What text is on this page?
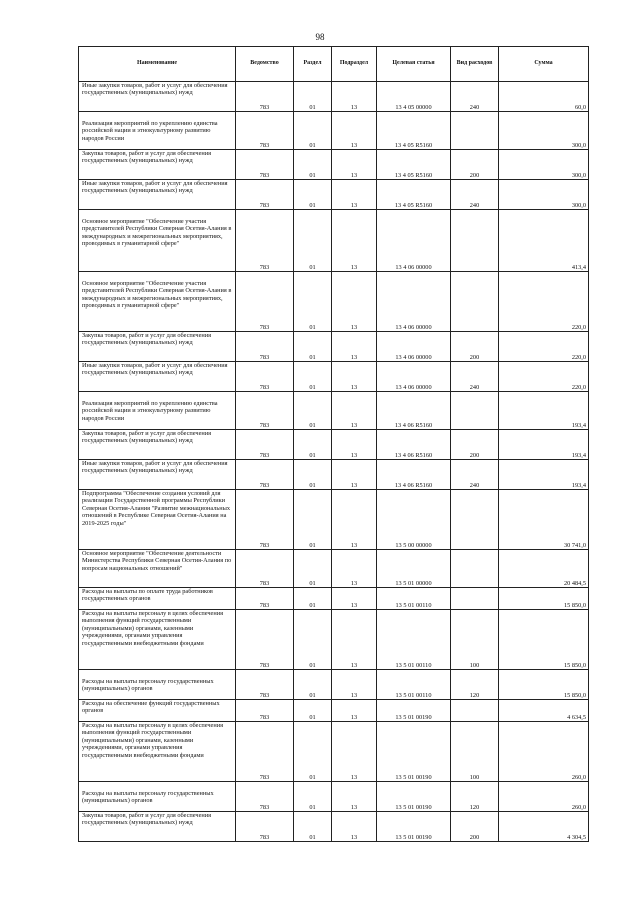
98
Наименование	Ведомство	Раздел	Подраздел	Целевая статья	Вид расходов	Сумма
Иные закупки товаров, работ и услуг для обеспечения государственных (муниципальных) нужд	783	01	13	13 4 05 00000	240	60,0
Реализация мероприятий по укреплению единства российской нации и этнокультурному развитию народов России	783	01	13	13 4 05 R5160		300,0
Закупка товаров, работ и услуг для обеспечения государственных (муниципальных) нужд	783	01	13	13 4 05 R5160	200	300,0
Иные закупки товаров, работ и услуг для обеспечения государственных (муниципальных) нужд	783	01	13	13 4 05 R5160	240	300,0
Основное мероприятие "Обеспечение участия представителей Республики Северная Осетия-Алания в международных и межрегиональных мероприятиях, проводимых в гуманитарной сфере"	783	01	13	13 4 06 00000		413,4
Основное мероприятие "Обеспечение участия представителей Республики Северная Осетия-Алания в международных и межрегиональных мероприятиях, проводимых в гуманитарной сфере"	783	01	13	13 4 06 00000		220,0
Закупка товаров, работ и услуг для обеспечения государственных (муниципальных) нужд	783	01	13	13 4 06 00000	200	220,0
Иные закупки товаров, работ и услуг для обеспечения государственных (муниципальных) нужд	783	01	13	13 4 06 00000	240	220,0
Реализация мероприятий по укреплению единства российской нации и этнокультурному развитию народов России	783	01	13	13 4 06 R5160		193,4
Закупка товаров, работ и услуг для обеспечения государственных (муниципальных) нужд	783	01	13	13 4 06 R5160	200	193,4
Иные закупки товаров, работ и услуг для обеспечения государственных (муниципальных) нужд	783	01	13	13 4 06 R5160	240	193,4
Подпрограмма "Обеспечение создания условий для реализации Государственной программы Республики Северная Осетия-Алания "Развитие межнациональных отношений в Республике Северная Осетия-Алания на 2019-2025 годы"	783	01	13	13 5 00 00000		30 741,0
Основное мероприятие "Обеспечение деятельности Министерства Республики Северная Осетия-Алания по вопросам национальных отношений"	783	01	13	13 5 01 00000		20 484,5
Расходы на выплаты по оплате труда работников государственных органов	783	01	13	13 5 01 00110		15 850,0
Расходы на выплаты персоналу в целях обеспечения выполнения функций государственными (муниципальными) органами, казенными учреждениями, органами управления государственными внебюджетными фондами	783	01	13	13 5 01 00110	100	15 850,0
Расходы на выплаты персоналу государственных (муниципальных) органов	783	01	13	13 5 01 00110	120	15 850,0
Расходы на обеспечение функций государственных органов	783	01	13	13 5 01 00190		4 634,5
Расходы на выплаты персоналу в целях обеспечения выполнения функций государственными (муниципальными) органами, казенными учреждениями, органами управления государственными внебюджетными фондами	783	01	13	13 5 01 00190	100	260,0
Расходы на выплаты персоналу государственных (муниципальных) органов	783	01	13	13 5 01 00190	120	260,0
Закупка товаров, работ и услуг для обеспечения государственных (муниципальных) нужд	783	01	13	13 5 01 00190	200	4 304,5
